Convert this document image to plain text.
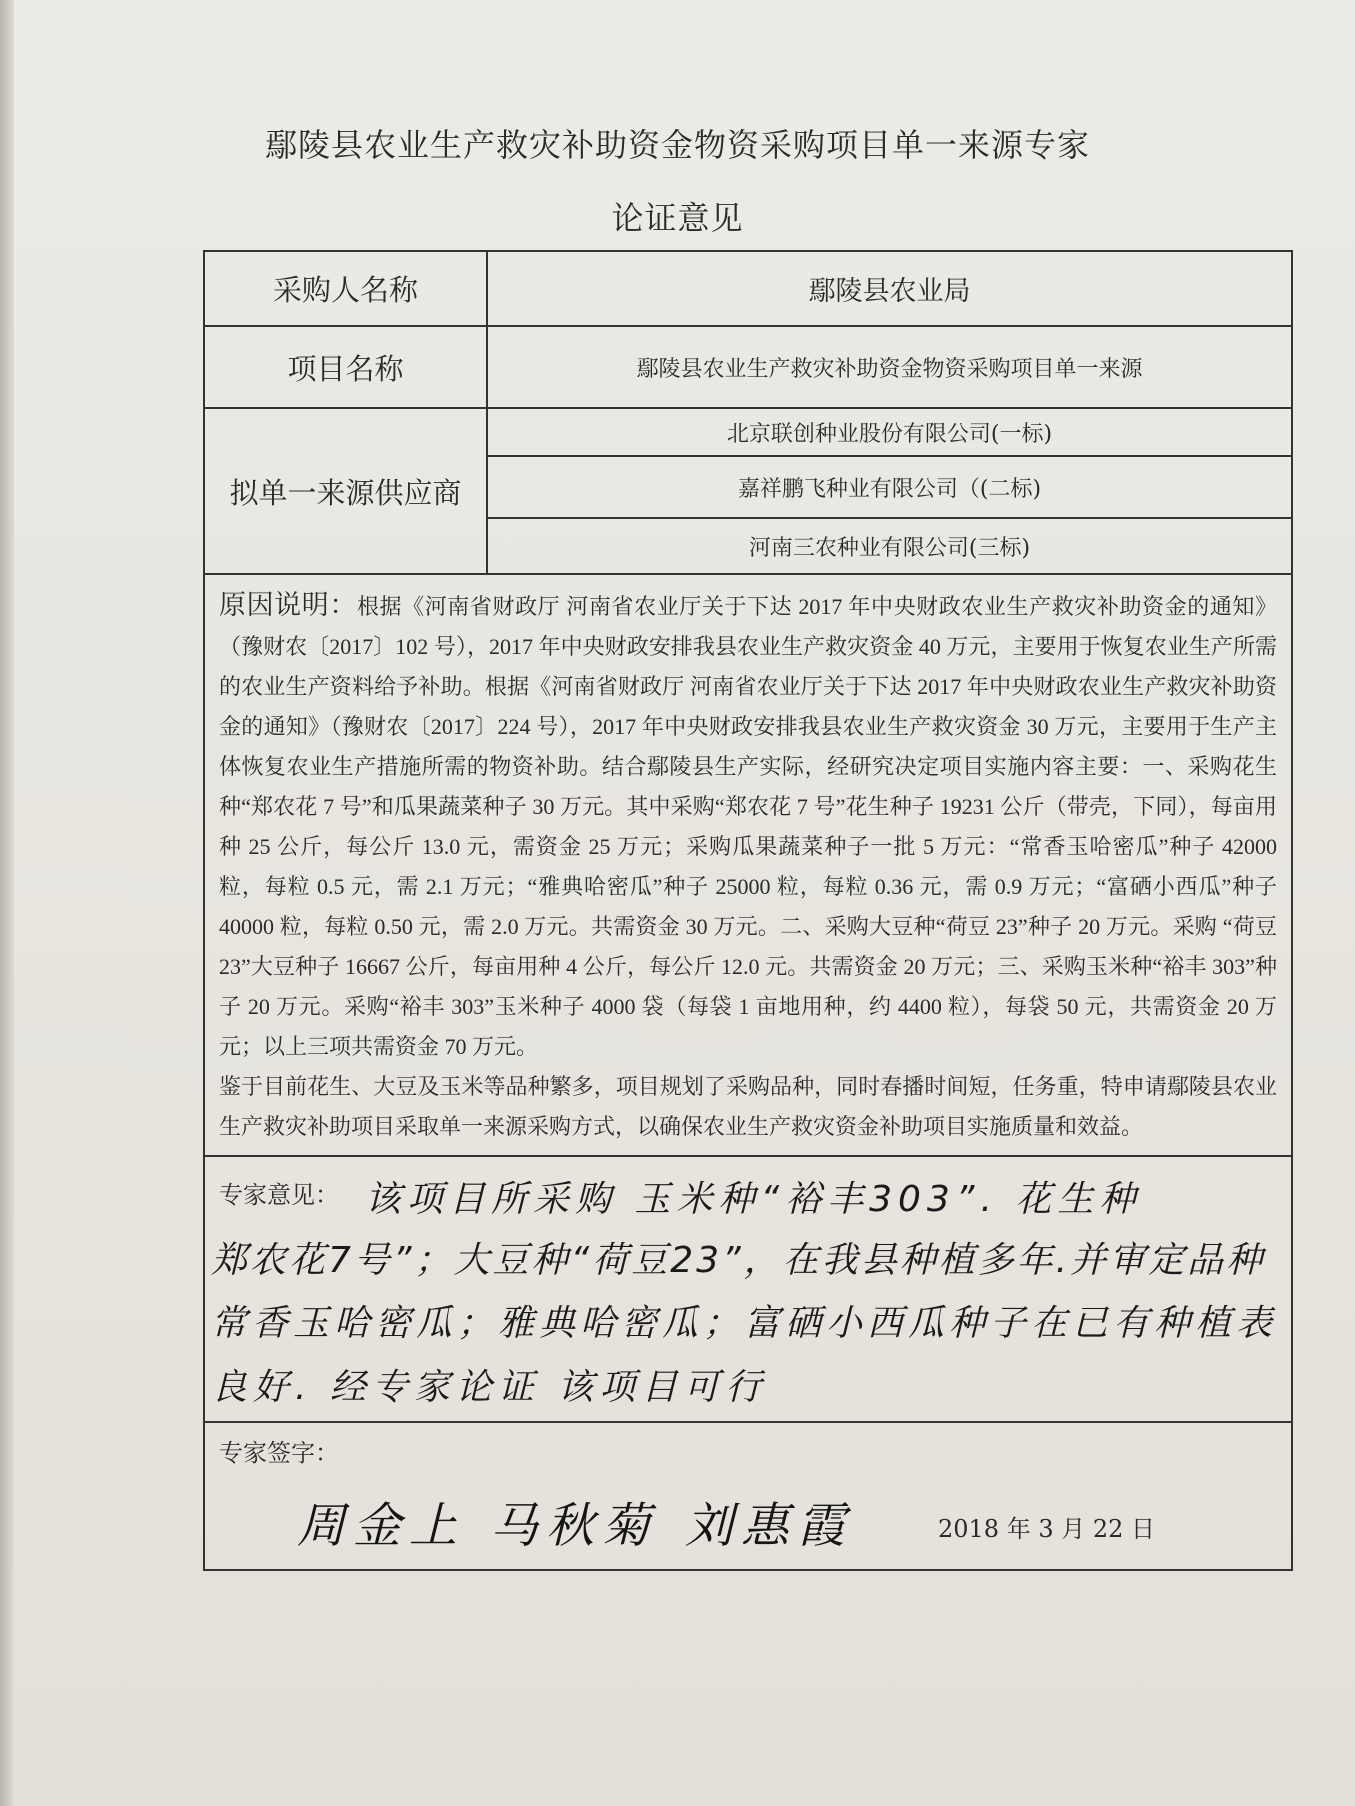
鄢陵县农业生产救灾补助资金物资采购项目单一来源专家
论证意见
采购人名称	鄢陵县农业局
项目名称	鄢陵县农业生产救灾补助资金物资采购项目单一来源
拟单一来源供应商	北京联创种业股份有限公司(一标)
	嘉祥鹏飞种业有限公司（(二标)
	河南三农种业有限公司(三标)
原因说明：根据《河南省财政厅 河南省农业厅关于下达 2017 年中央财政农业生产救灾补助资金的通知》（豫财农〔2017〕102 号），2017 年中央财政安排我县农业生产救灾资金 40 万元，主要用于恢复农业生产所需的农业生产资料给予补助。根据《河南省财政厅 河南省农业厅关于下达 2017 年中央财政农业生产救灾补助资金的通知》（豫财农〔2017〕224 号），2017 年中央财政安排我县农业生产救灾资金 30 万元，主要用于生产主体恢复农业生产措施所需的物资补助。结合鄢陵县生产实际，经研究决定项目实施内容主要：一、采购花生种“郑农花 7 号”和瓜果蔬菜种子 30 万元。其中采购“郑农花 7 号”花生种子 19231 公斤（带壳，下同），每亩用种 25 公斤，每公斤 13.0 元，需资金 25 万元；采购瓜果蔬菜种子一批 5 万元：“常香玉哈密瓜”种子 42000 粒，每粒 0.5 元，需 2.1 万元；“雅典哈密瓜”种子 25000 粒，每粒 0.36 元，需 0.9 万元；“富硒小西瓜”种子 40000 粒，每粒 0.50 元，需 2.0 万元。共需资金 30 万元。二、采购大豆种“荷豆 23”种子 20 万元。采购 “荷豆 23”大豆种子 16667 公斤，每亩用种 4 公斤，每公斤 12.0 元。共需资金 20 万元；三、采购玉米种“裕丰 303”种子 20 万元。采购“裕丰 303”玉米种子 4000 袋（每袋 1 亩地用种，约 4400 粒），每袋 50 元，共需资金 20 万元；以上三项共需资金 70 万元。
鉴于目前花生、大豆及玉米等品种繁多，项目规划了采购品种，同时春播时间短，任务重，特申请鄢陵县农业生产救灾补助项目采取单一来源采购方式，以确保农业生产救灾资金补助项目实施质量和效益。	

专家意见： 该项目所采购 玉米种“裕丰303”. 花生种
郑农花7号”；大豆种“荷豆23”，在我县种植多年.并审定品种
常香玉哈密瓜；雅典哈密瓜；富硒小西瓜种子在已有种植表
良好. 经专家论证 该项目可行	

专家签字：
周金上 马秋菊 刘惠霞 2018 年 3 月 22 日	
